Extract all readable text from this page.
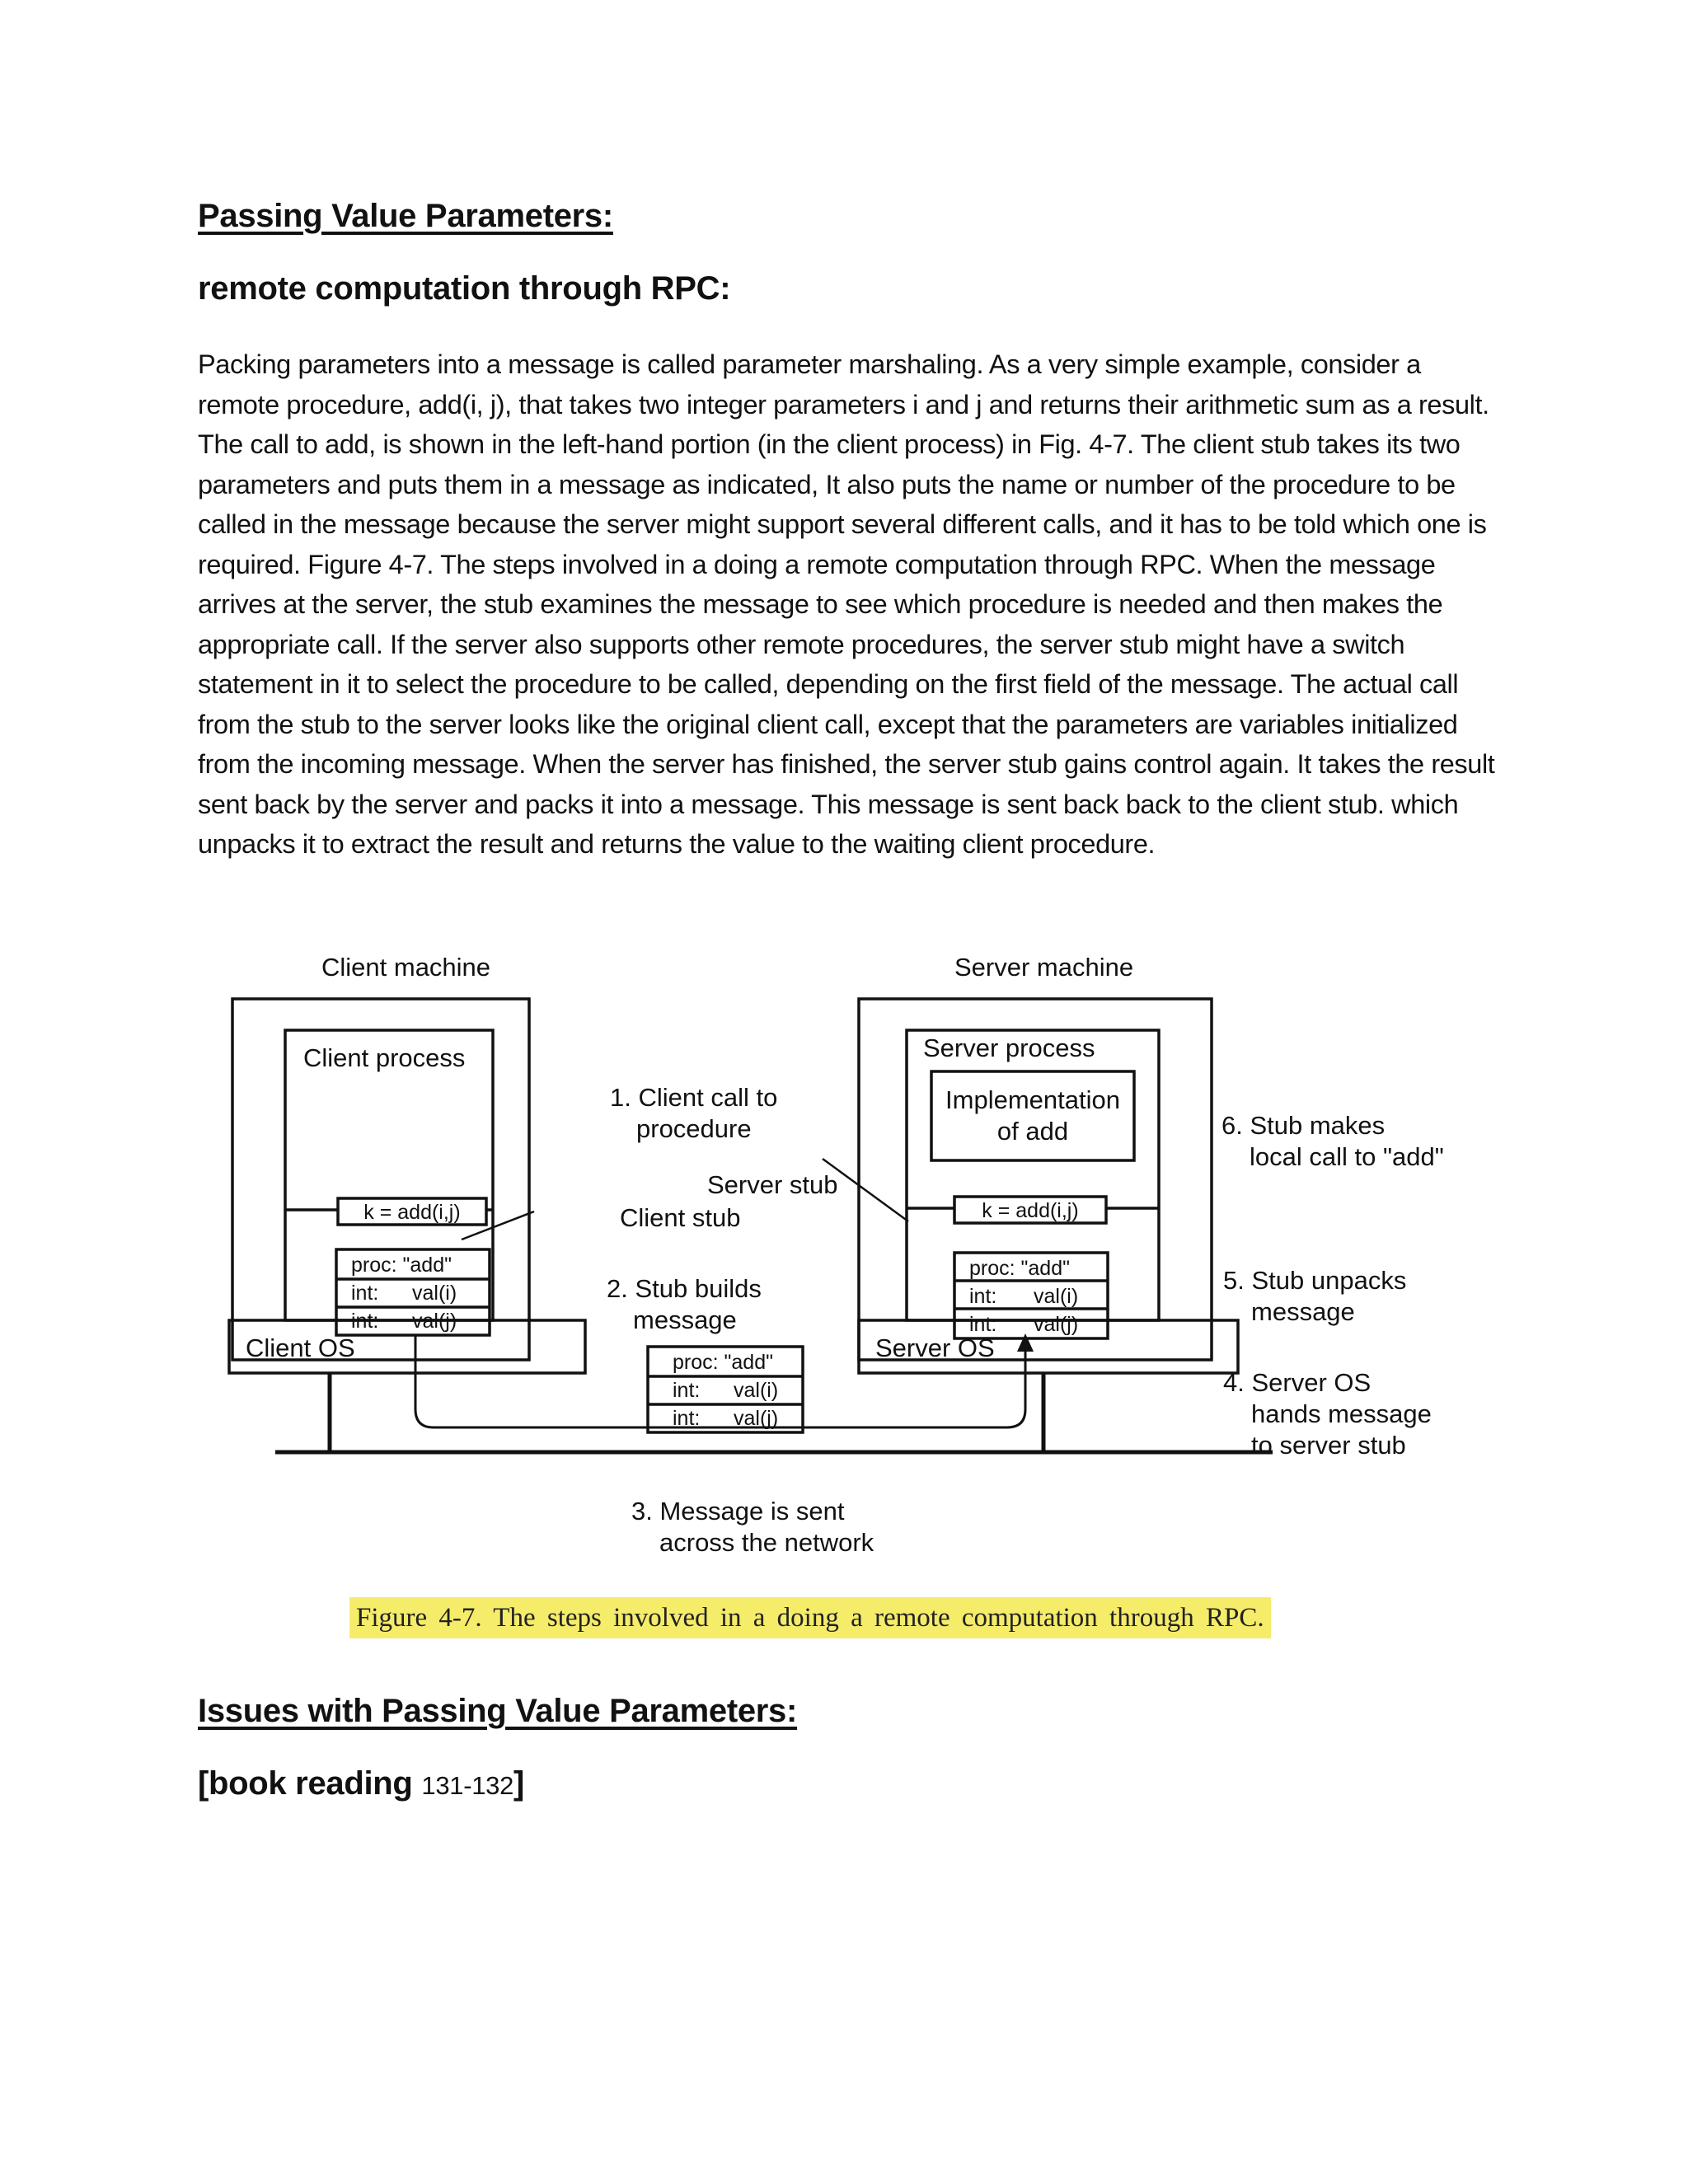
Passing Value Parameters:
remote computation through RPC:

Packing parameters into a message is called parameter marshaling. As a very simple example, consider a remote procedure, add(i, j), that takes two integer parameters i and j and returns their arithmetic sum as a result. The call to add, is shown in the left-hand portion (in the client process) in Fig. 4-7. The client stub takes its two parameters and puts them in a message as indicated, It also puts the name or number of the procedure to be called in the message because the server might support several different calls, and it has to be told which one is required. Figure 4-7. The steps involved in a doing a remote computation through RPC. When the message arrives at the server, the stub examines the message to see which procedure is needed and then makes the appropriate call. If the server also supports other remote procedures, the server stub might have a switch statement in it to select the procedure to be called, depending on the first field of the message. The actual call from the stub to the server looks like the original client call, except that the parameters are variables initialized from the incoming message. When the server has finished, the server stub gains control again. It takes the result sent back by the server and packs it into a message. This message is sent back back to the client stub. which unpacks it to extract the result and returns the value to the waiting client procedure.

Client machine	Server machine
Client process	Server process
Implementation
of add
k = add(i,j)	k = add(i,j)
proc: "add"
int: val(i)
int: val(j)
proc: "add"
int: val(i)
int: val(j)
proc: "add"
int: val(i)
int: val(j)
Client OS	Server OS
1. Client call to
procedure
Server stub
Client stub
2. Stub builds
message
3. Message is sent
across the network
6. Stub makes
local call to "add"
5. Stub unpacks
message
4. Server OS
hands message
to server stub
Figure 4-7. The steps involved in a doing a remote computation through RPC.
Issues with Passing Value Parameters:
[book reading 131-132]
